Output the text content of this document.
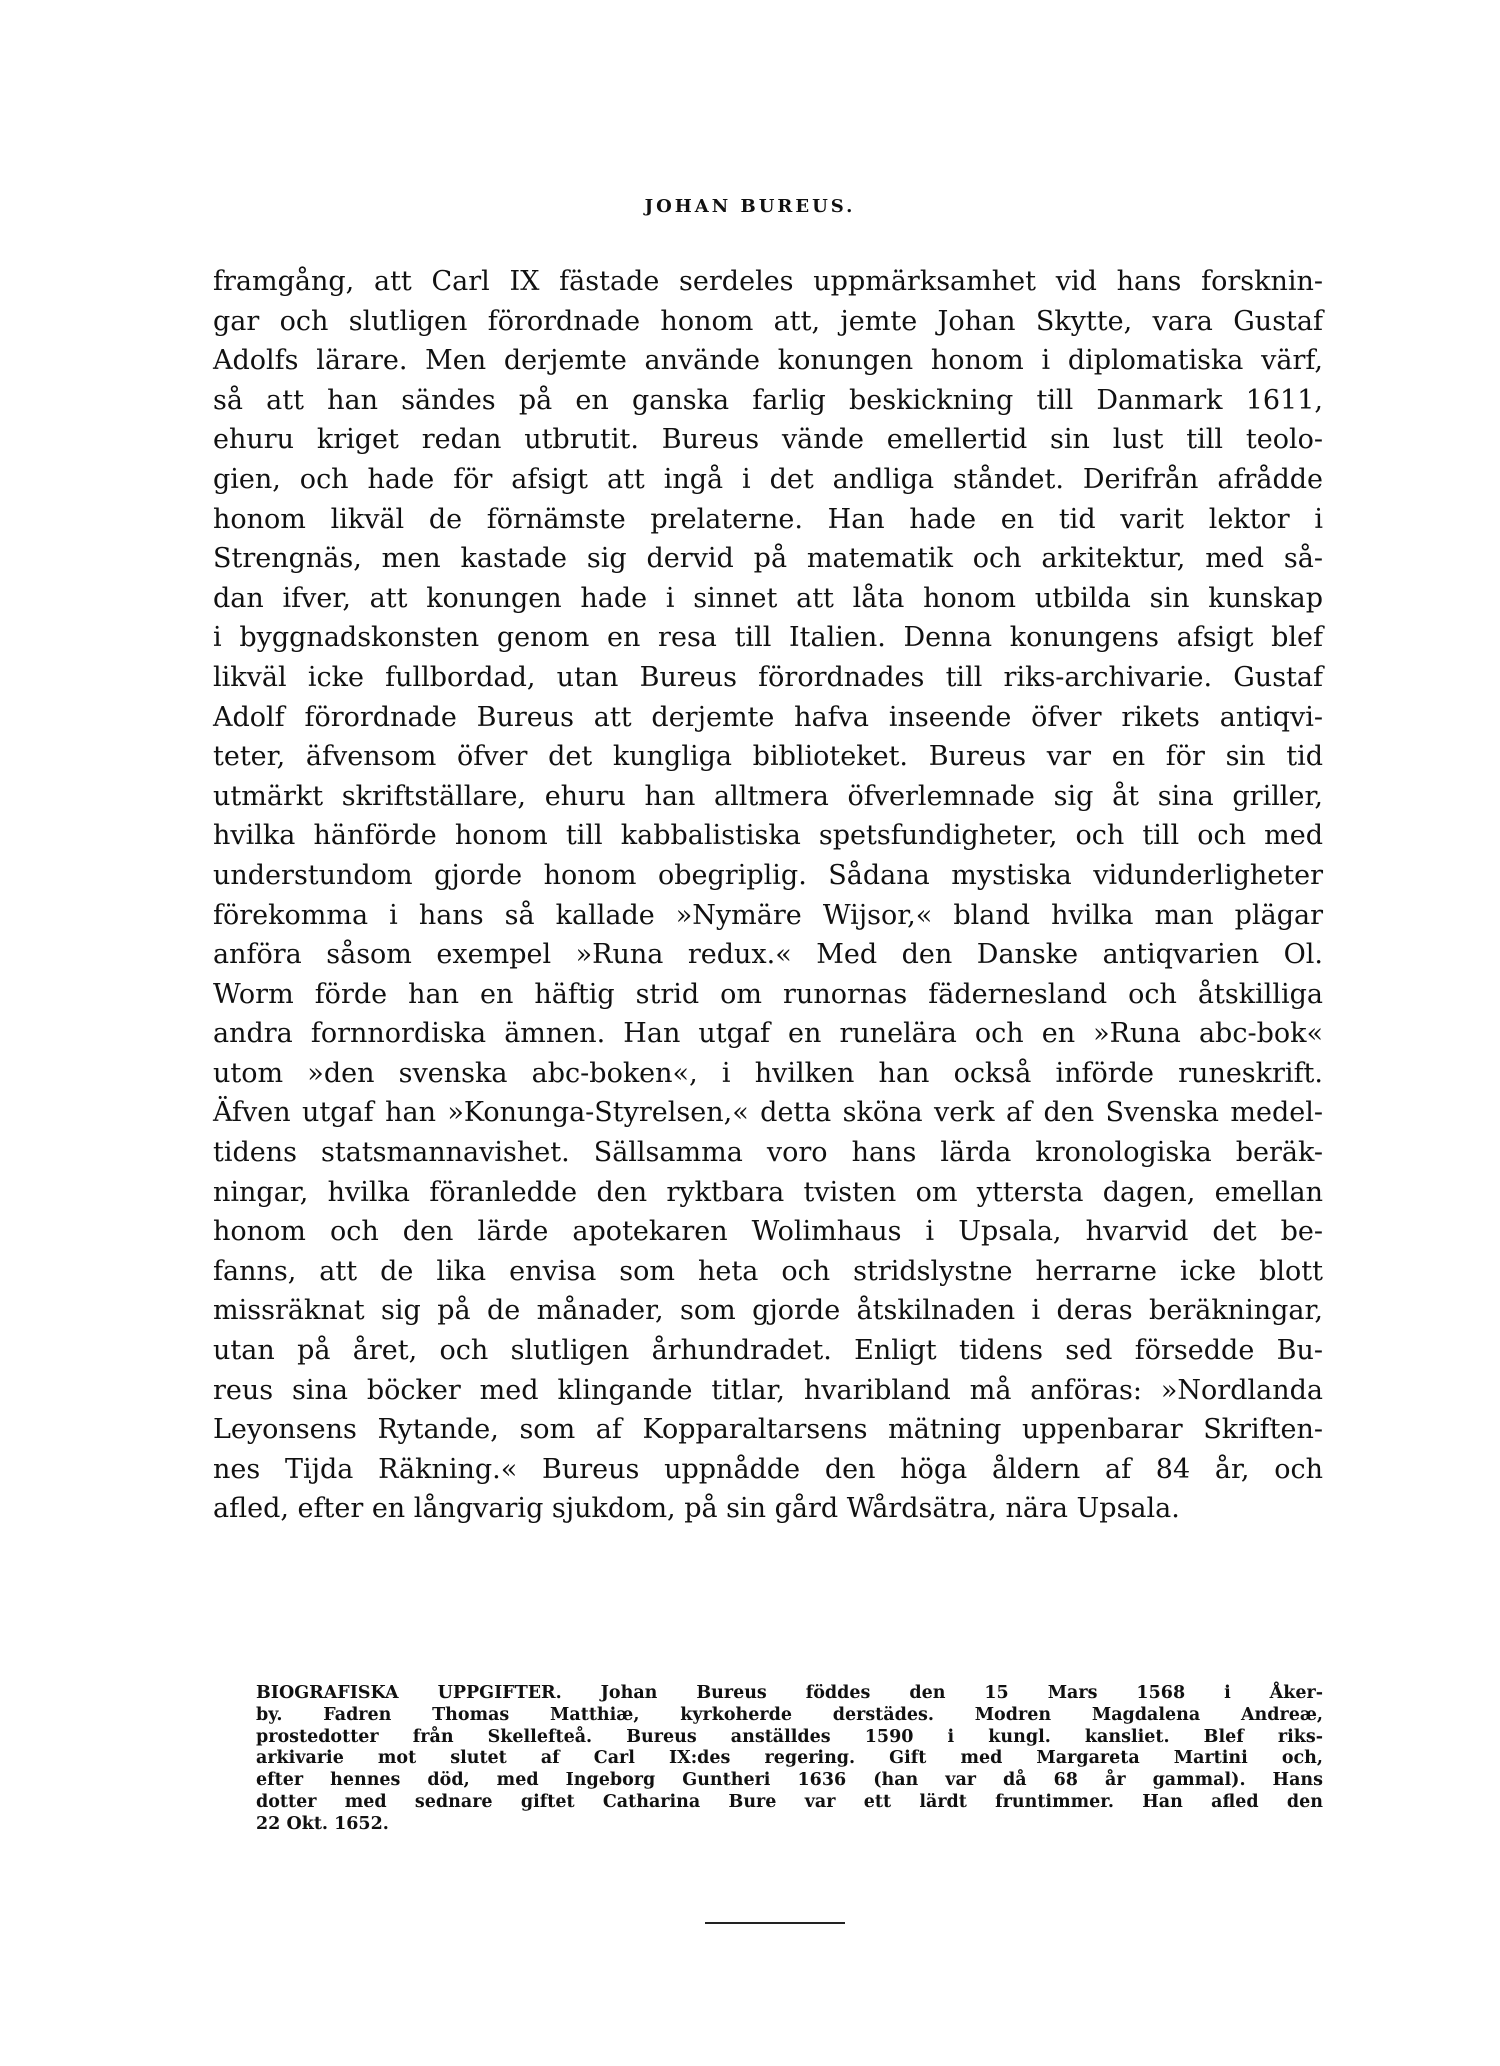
JOHAN BUREUS.
framgång, att Carl IX fästade serdeles uppmärksamhet vid hans forsknin-
gar och slutligen förordnade honom att, jemte Johan Skytte, vara Gustaf
Adolfs lärare. Men derjemte använde konungen honom i diplomatiska värf,
så att han sändes på en ganska farlig beskickning till Danmark 1611,
ehuru kriget redan utbrutit. Bureus vände emellertid sin lust till teolo-
gien, och hade för afsigt att ingå i det andliga ståndet. Derifrån afrådde
honom likväl de förnämste prelaterne. Han hade en tid varit lektor i
Strengnäs, men kastade sig dervid på matematik och arkitektur, med så-
dan ifver, att konungen hade i sinnet att låta honom utbilda sin kunskap
i byggnadskonsten genom en resa till Italien. Denna konungens afsigt blef
likväl icke fullbordad, utan Bureus förordnades till riks-archivarie. Gustaf
Adolf förordnade Bureus att derjemte hafva inseende öfver rikets antiqvi-
teter, äfvensom öfver det kungliga biblioteket. Bureus var en för sin tid
utmärkt skriftställare, ehuru han alltmera öfverlemnade sig åt sina griller,
hvilka hänförde honom till kabbalistiska spetsfundigheter, och till och med
understundom gjorde honom obegriplig. Sådana mystiska vidunderligheter
förekomma i hans så kallade »Nymäre Wijsor,« bland hvilka man plägar
anföra såsom exempel »Runa redux.« Med den Danske antiqvarien Ol.
Worm förde han en häftig strid om runornas fädernesland och åtskilliga
andra fornnordiska ämnen. Han utgaf en runelära och en »Runa abc-bok«
utom »den svenska abc-boken«, i hvilken han också införde runeskrift.
Äfven utgaf han »Konunga-Styrelsen,« detta sköna verk af den Svenska medel-
tidens statsmannavishet. Sällsamma voro hans lärda kronologiska beräk-
ningar, hvilka föranledde den ryktbara tvisten om yttersta dagen, emellan
honom och den lärde apotekaren Wolimhaus i Upsala, hvarvid det be-
fanns, att de lika envisa som heta och stridslystne herrarne icke blott
missräknat sig på de månader, som gjorde åtskilnaden i deras beräkningar,
utan på året, och slutligen århundradet. Enligt tidens sed försedde Bu-
reus sina böcker med klingande titlar, hvaribland må anföras: »Nordlanda
Leyonsens Rytande, som af Kopparaltarsens mätning uppenbarar Skriften-
nes Tijda Räkning.« Bureus uppnådde den höga åldern af 84 år, och
afled, efter en långvarig sjukdom, på sin gård Wårdsätra, nära Upsala.
BIOGRAFISKA UPPGIFTER. Johan Bureus föddes den 15 Mars 1568 i Åker-
by. Fadren Thomas Matthiæ, kyrkoherde derstädes. Modren Magdalena Andreæ,
prostedotter från Skellefteå. Bureus anställdes 1590 i kungl. kansliet. Blef riks-
arkivarie mot slutet af Carl IX:des regering. Gift med Margareta Martini och,
efter hennes död, med Ingeborg Guntheri 1636 (han var då 68 år gammal). Hans
dotter med sednare giftet Catharina Bure var ett lärdt fruntimmer. Han afled den
22 Okt. 1652.
